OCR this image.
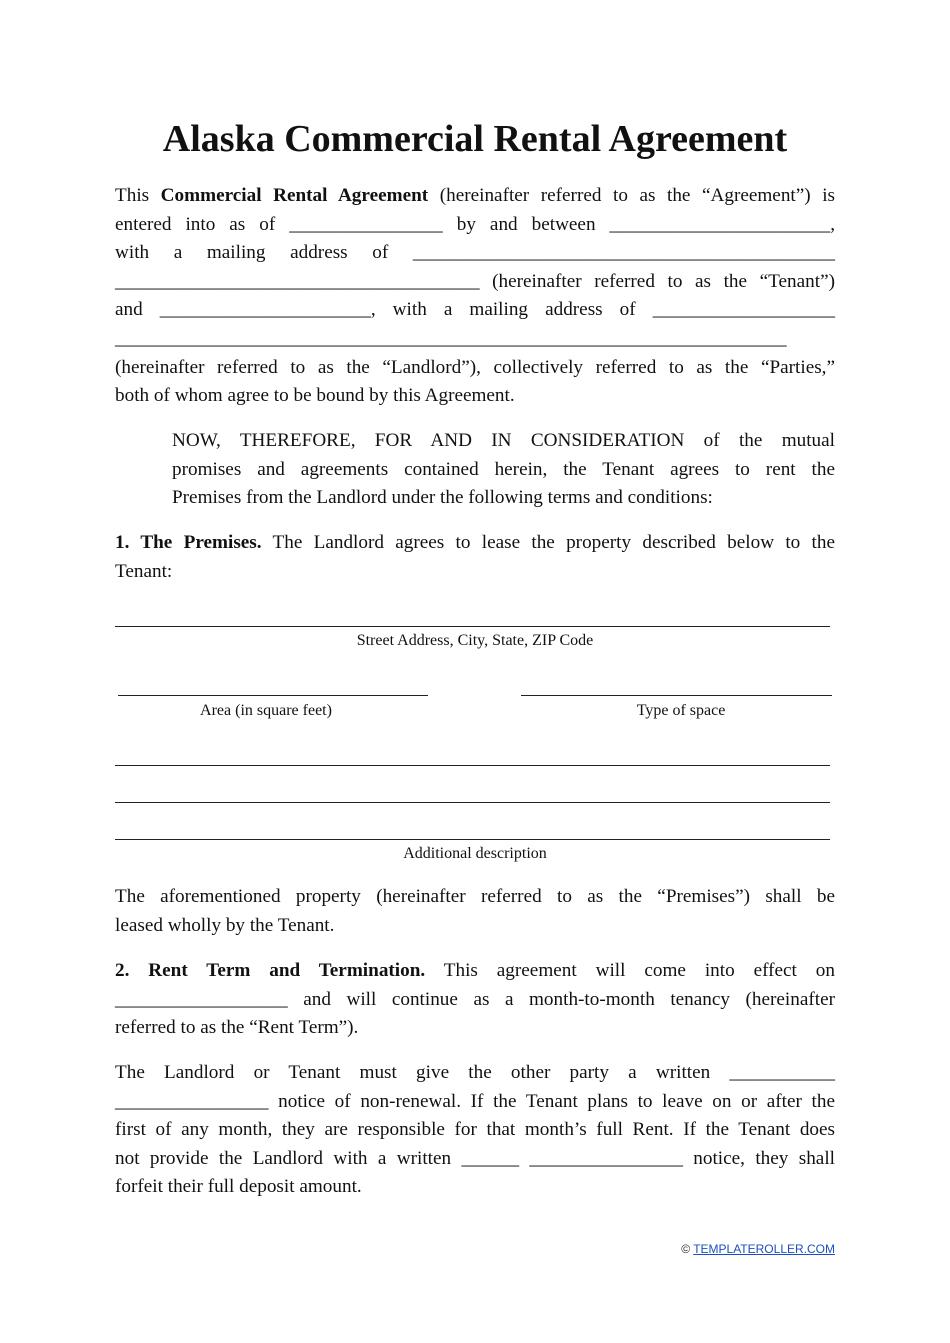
Alaska Commercial Rental Agreement
This Commercial Rental Agreement (hereinafter referred to as the “Agreement”) is
entered into as of ________________ by and between _______________________,
with a mailing address of ____________________________________________
______________________________________ (hereinafter referred to as the “Tenant”)
and ______________________, with a mailing address of ___________________
______________________________________________________________________
(hereinafter referred to as the “Landlord”), collectively referred to as the “Parties,”
both of whom agree to be bound by this Agreement.
NOW, THEREFORE, FOR AND IN CONSIDERATION of the mutual
promises and agreements contained herein, the Tenant agrees to rent the
Premises from the Landlord under the following terms and conditions:
1. The Premises. The Landlord agrees to lease the property described below to the
Tenant:
Street Address, City, State, ZIP Code
Area (in square feet)	Type of space
Additional description
The aforementioned property (hereinafter referred to as the “Premises”) shall be
leased wholly by the Tenant.
2. Rent Term and Termination. This agreement will come into effect on
__________________ and will continue as a month-to-month tenancy (hereinafter
referred to as the “Rent Term”).
The Landlord or Tenant must give the other party a written ___________
________________ notice of non-renewal. If the Tenant plans to leave on or after the
first of any month, they are responsible for that month’s full Rent. If the Tenant does
not provide the Landlord with a written ______ ________________ notice, they shall
forfeit their full deposit amount.
© TEMPLATEROLLER.COM
